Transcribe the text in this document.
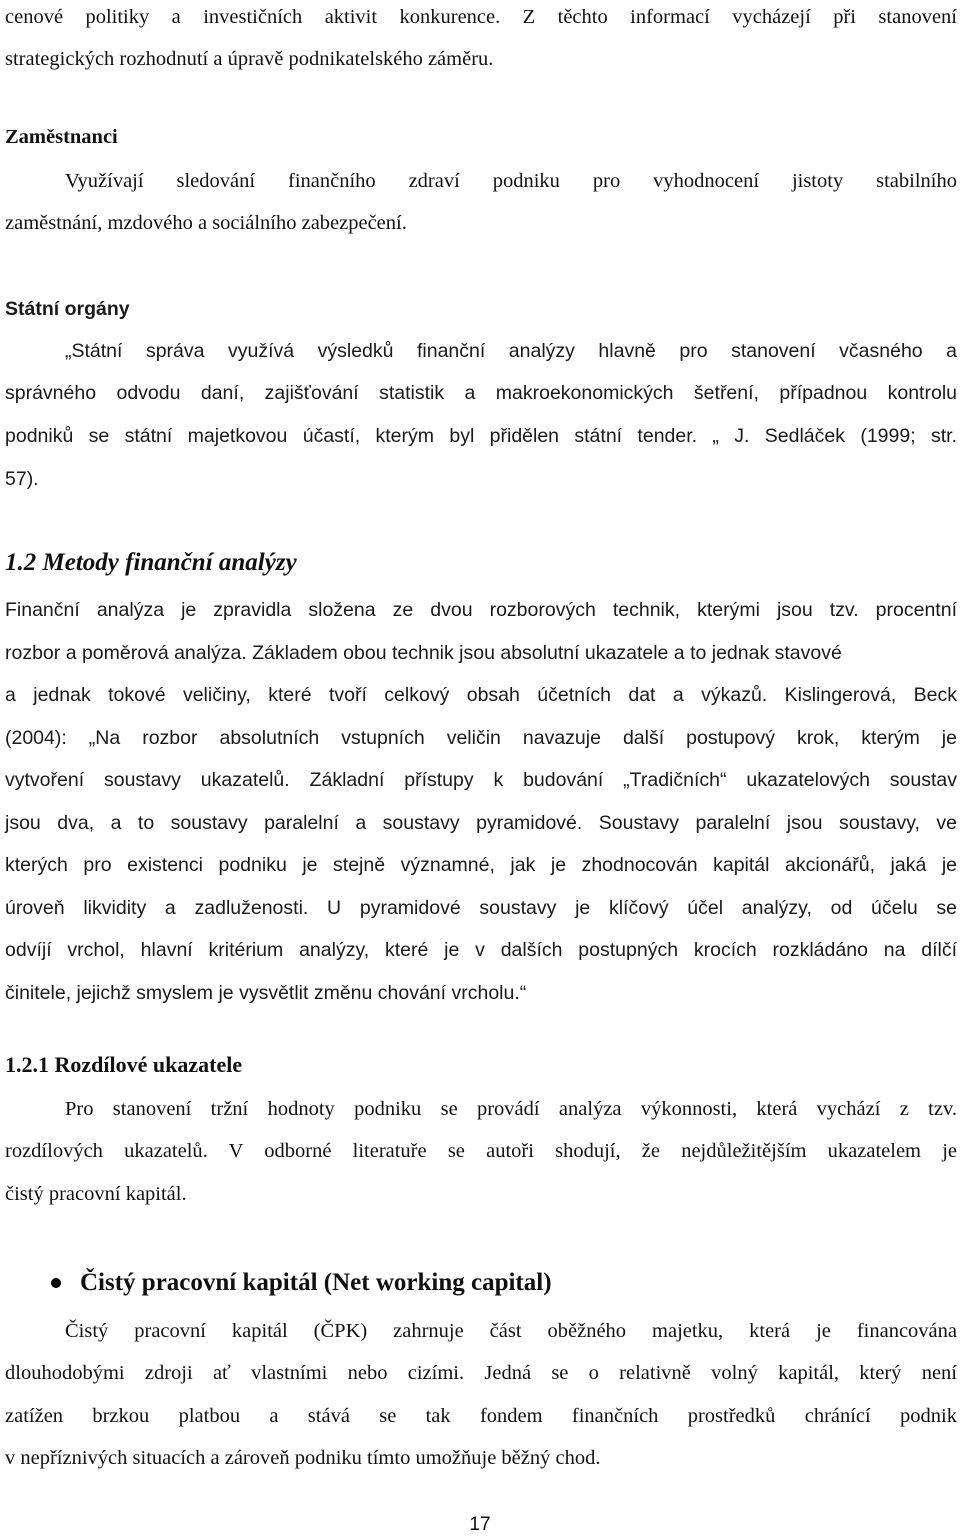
cenové politiky a investičních aktivit konkurence. Z těchto informací vycházejí při stanovení
strategických rozhodnutí a úpravě podnikatelského záměru.
Zaměstnanci
Využívají sledování finančního zdraví podniku pro vyhodnocení jistoty stabilního
zaměstnání, mzdového a sociálního zabezpečení.
Státní orgány
„Státní správa využívá výsledků finanční analýzy hlavně pro stanovení včasného a
správného odvodu daní, zajišťování statistik a makroekonomických šetření, případnou kontrolu
podniků se státní majetkovou účastí, kterým byl přidělen státní tender. „ J. Sedláček (1999; str.
57).
1.2 Metody finanční analýzy
Finanční analýza je zpravidla složena ze dvou rozborových technik, kterými jsou tzv. procentní
rozbor a poměrová analýza. Základem obou technik jsou absolutní ukazatele a to jednak stavové
a jednak tokové veličiny, které tvoří celkový obsah účetních dat a výkazů. Kislingerová, Beck
(2004): „Na rozbor absolutních vstupních veličin navazuje další postupový krok, kterým je
vytvoření soustavy ukazatelů. Základní přístupy k budování „Tradičních“ ukazatelových soustav
jsou dva, a to soustavy paralelní a soustavy pyramidové. Soustavy paralelní jsou soustavy, ve
kterých pro existenci podniku je stejně významné, jak je zhodnocován kapitál akcionářů, jaká je
úroveň likvidity a zadluženosti. U pyramidové soustavy je klíčový účel analýzy, od účelu se
odvíjí vrchol, hlavní kritérium analýzy, které je v dalších postupných krocích rozkládáno na dílčí
činitele, jejichž smyslem je vysvětlit změnu chování vrcholu.“
1.2.1 Rozdílové ukazatele
Pro stanovení tržní hodnoty podniku se provádí analýza výkonnosti, která vychází z tzv.
rozdílových ukazatelů. V odborné literatuře se autoři shodují, že nejdůležitějším ukazatelem je
čistý pracovní kapitál.
Čistý pracovní kapitál (Net working capital)
Čistý pracovní kapitál (ČPK) zahrnuje část oběžného majetku, která je financována
dlouhodobými zdroji ať vlastními nebo cizími. Jedná se o relativně volný kapitál, který není
zatížen brzkou platbou a stává se tak fondem finančních prostředků chránící podnik
v nepříznivých situacích a zároveň podniku tímto umožňuje běžný chod.
17
